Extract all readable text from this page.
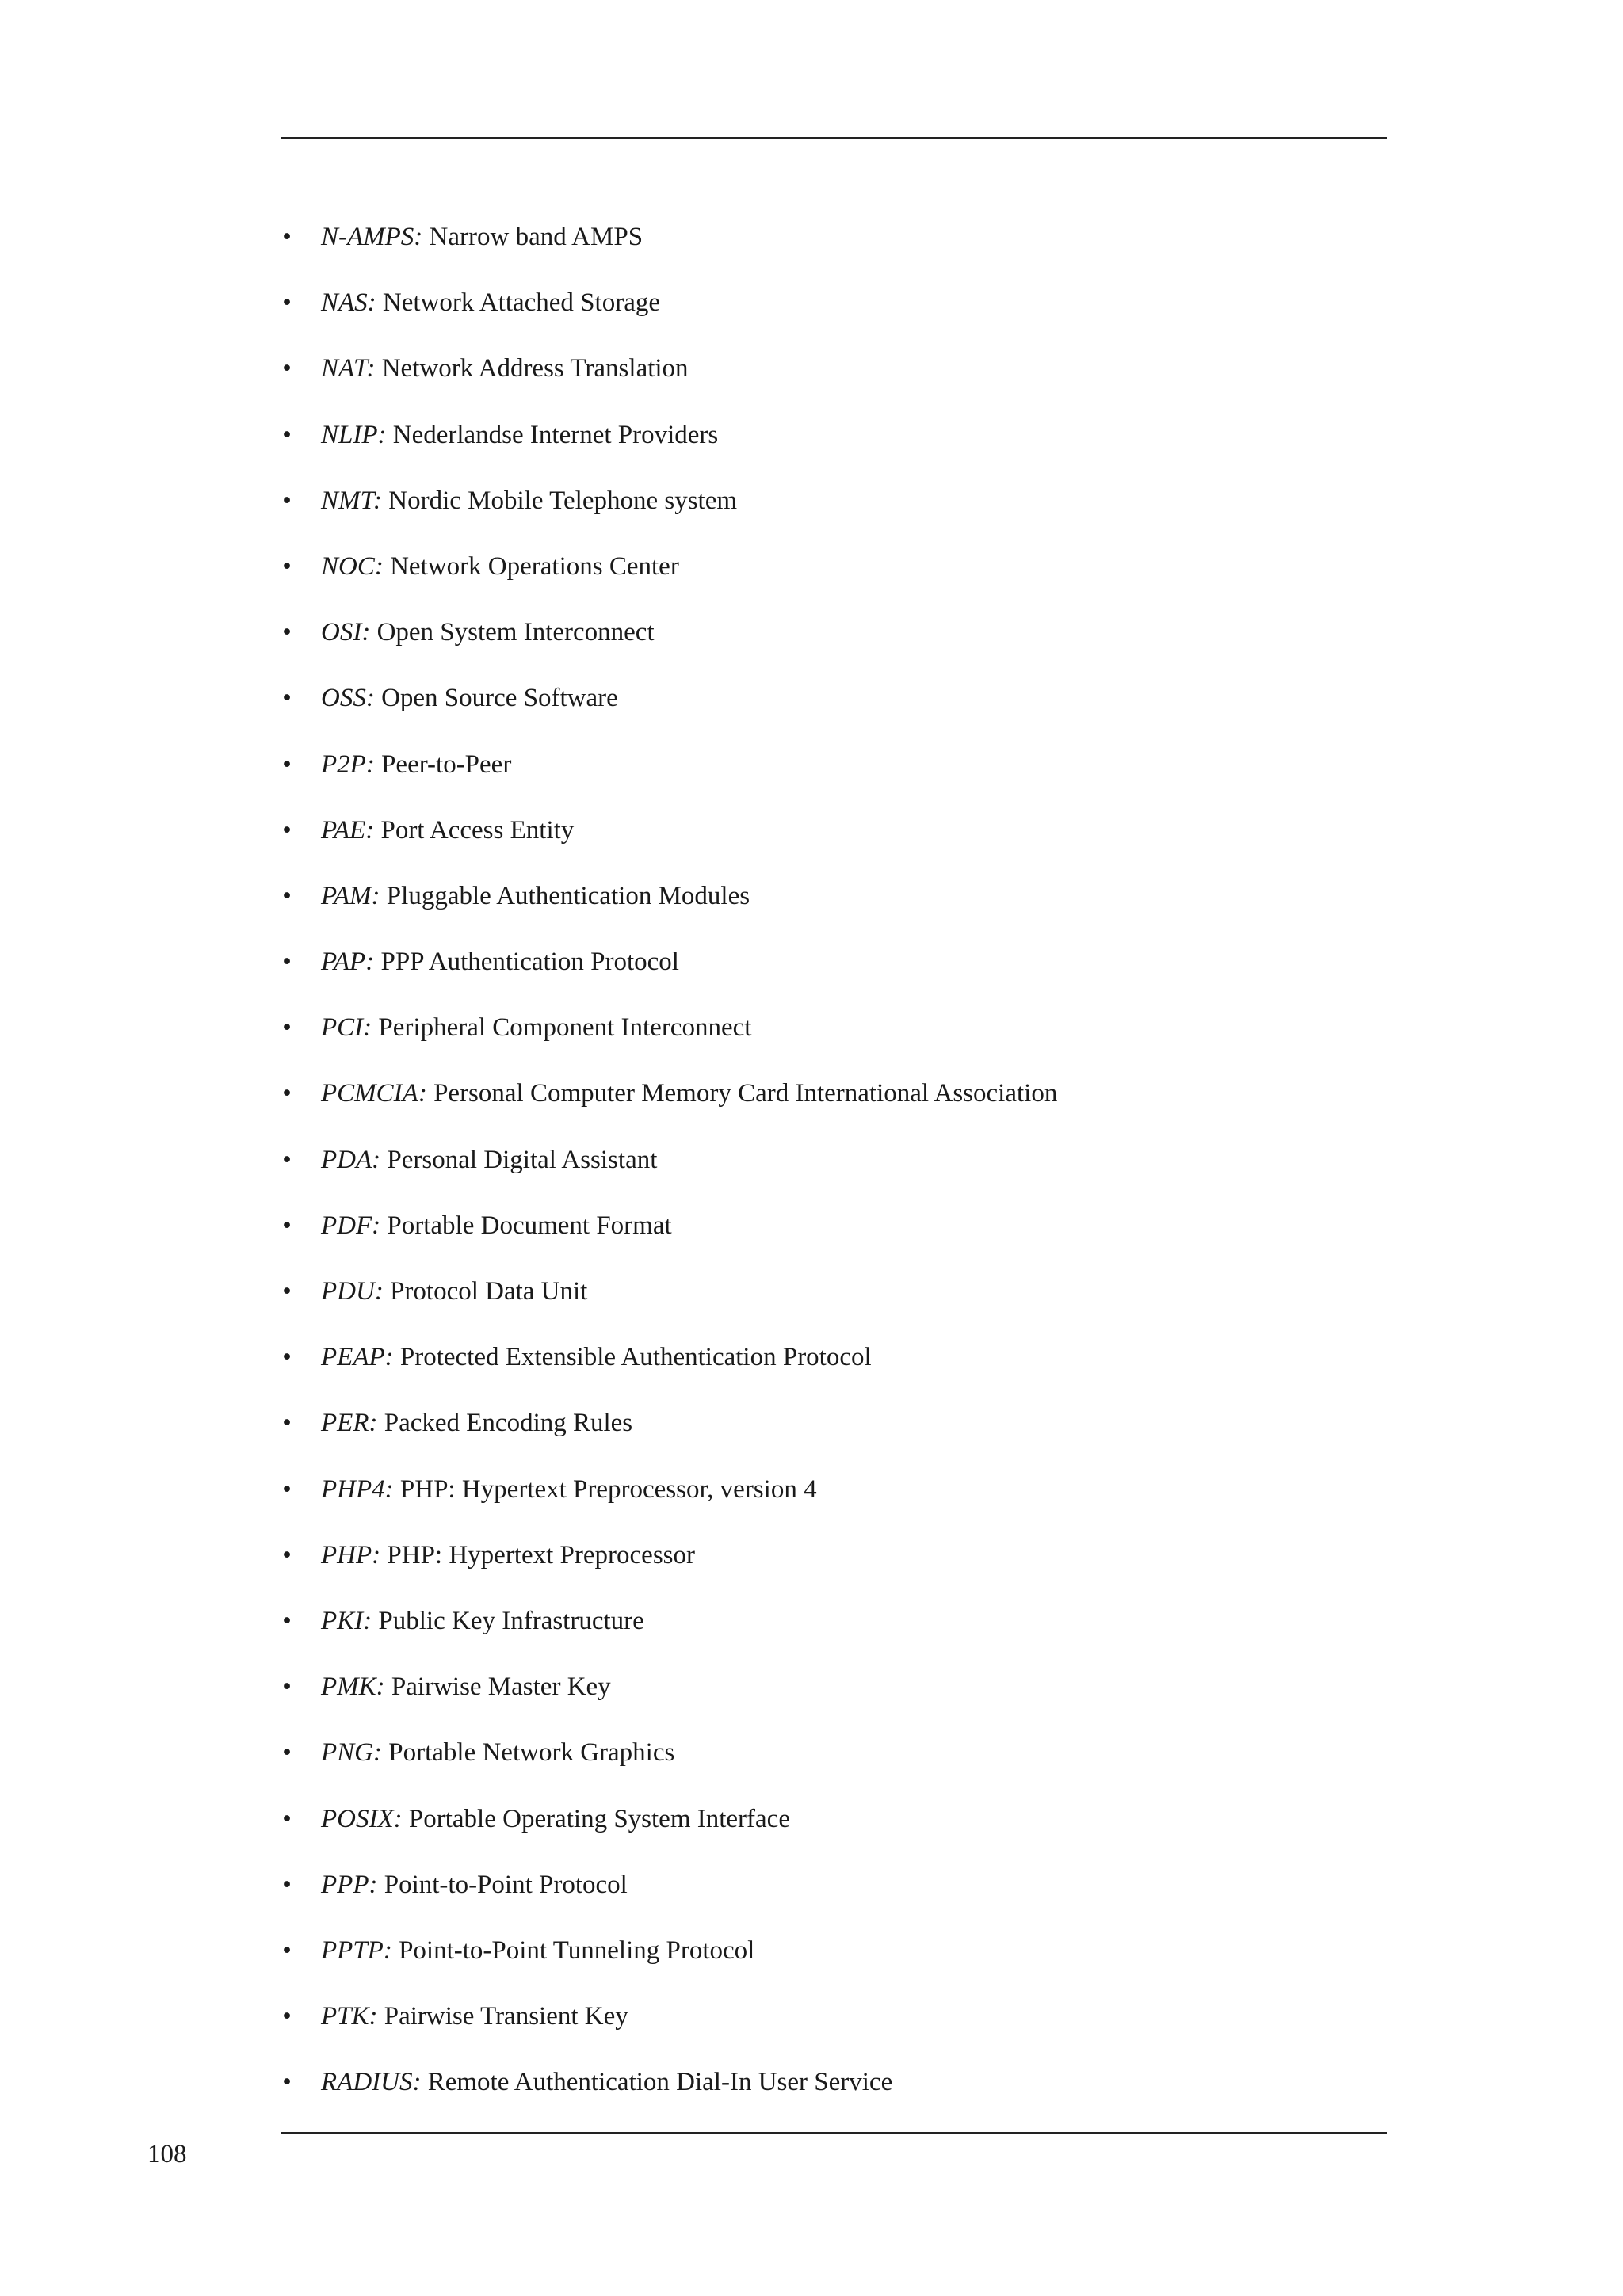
• N-AMPS: Narrow band AMPS
• NAS: Network Attached Storage
• NAT: Network Address Translation
• NLIP: Nederlandse Internet Providers
• NMT: Nordic Mobile Telephone system
• NOC: Network Operations Center
• OSI: Open System Interconnect
• OSS: Open Source Software
• P2P: Peer-to-Peer
• PAE: Port Access Entity
• PAM: Pluggable Authentication Modules
• PAP: PPP Authentication Protocol
• PCI: Peripheral Component Interconnect
• PCMCIA: Personal Computer Memory Card International Association
• PDA: Personal Digital Assistant
• PDF: Portable Document Format
• PDU: Protocol Data Unit
• PEAP: Protected Extensible Authentication Protocol
• PER: Packed Encoding Rules
• PHP4: PHP: Hypertext Preprocessor, version 4
• PHP: PHP: Hypertext Preprocessor
• PKI: Public Key Infrastructure
• PMK: Pairwise Master Key
• PNG: Portable Network Graphics
• POSIX: Portable Operating System Interface
• PPP: Point-to-Point Protocol
• PPTP: Point-to-Point Tunneling Protocol
• PTK: Pairwise Transient Key
• RADIUS: Remote Authentication Dial-In User Service
108
